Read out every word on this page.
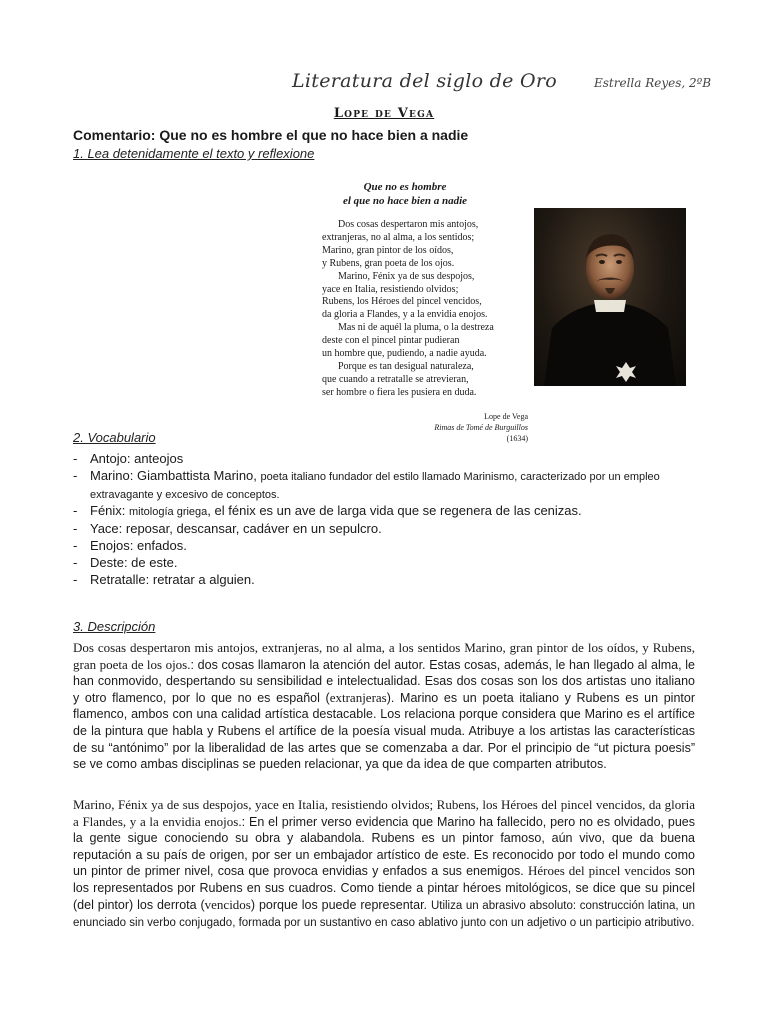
Literatura del siglo de Oro	Estrella Reyes, 2ºB
Lope de Vega
Comentario: Que no es hombre el que no hace bien a nadie
1. Lea detenidamente el texto y reflexione
Que no es hombre
el que no hace bien a nadie
Dos cosas despertaron mis antojos,
extranjeras, no al alma, a los sentidos;
Marino, gran pintor de los oídos,
y Rubens, gran poeta de los ojos.
Marino, Fénix ya de sus despojos,
yace en Italia, resistiendo olvidos;
Rubens, los Héroes del pincel vencidos,
da gloria a Flandes, y a la envidia enojos.
Mas ni de aquél la pluma, o la destreza
deste con el pincel pintar pudieran
un hombre que, pudiendo, a nadie ayuda.
Porque es tan desigual naturaleza,
que cuando a retratalle se atrevieran,
ser hombre o fiera les pusiera en duda.
Lope de Vega
Rimas de Tomé de Burguillos
(1634)
2. Vocabulario
- Antojo: anteojos
- Marino: Giambattista Marino, poeta italiano fundador del estilo llamado Marinismo, caracterizado por un empleo extravagante y excesivo de conceptos.
- Fénix: mitología griega, el fénix es un ave de larga vida que se regenera de las cenizas.
- Yace: reposar, descansar, cadáver en un sepulcro.
- Enojos: enfados.
- Deste: de este.
- Retratalle: retratar a alguien.
3. Descripción
Dos cosas despertaron mis antojos, extranjeras, no al alma, a los sentidos Marino, gran pintor de los oídos, y Rubens, gran poeta de los ojos.: dos cosas llamaron la atención del autor. Estas cosas, además, le han llegado al alma, le han conmovido, despertando su sensibilidad e intelectualidad. Esas dos cosas son los dos artistas uno italiano y otro flamenco, por lo que no es español (extranjeras). Marino es un poeta italiano y Rubens es un pintor flamenco, ambos con una calidad artística destacable. Los relaciona porque considera que Marino es el artífice de la pintura que habla y Rubens el artífice de la poesía visual muda. Atribuye a los artistas las características de su “antónimo” por la liberalidad de las artes que se comenzaba a dar. Por el principio de “ut pictura poesis” se ve como ambas disciplinas se pueden relacionar, ya que da idea de que comparten atributos.
Marino, Fénix ya de sus despojos, yace en Italia, resistiendo olvidos; Rubens, los Héroes del pincel vencidos, da gloria a Flandes, y a la envidia enojos.: En el primer verso evidencia que Marino ha fallecido, pero no es olvidado, pues la gente sigue conociendo su obra y alabandola. Rubens es un pintor famoso, aún vivo, que da buena reputación a su país de origen, por ser un embajador artístico de este. Es reconocido por todo el mundo como un pintor de primer nivel, cosa que provoca envidias y enfados a sus enemigos. Héroes del pincel vencidos son los representados por Rubens en sus cuadros. Como tiende a pintar héroes mitológicos, se dice que su pincel (del pintor) los derrota (vencidos) porque los puede representar. Utiliza un abrasivo absoluto: construcción latina, un enunciado sin verbo conjugado, formada por un sustantivo en caso ablativo junto con un adjetivo o un participio atributivo.
